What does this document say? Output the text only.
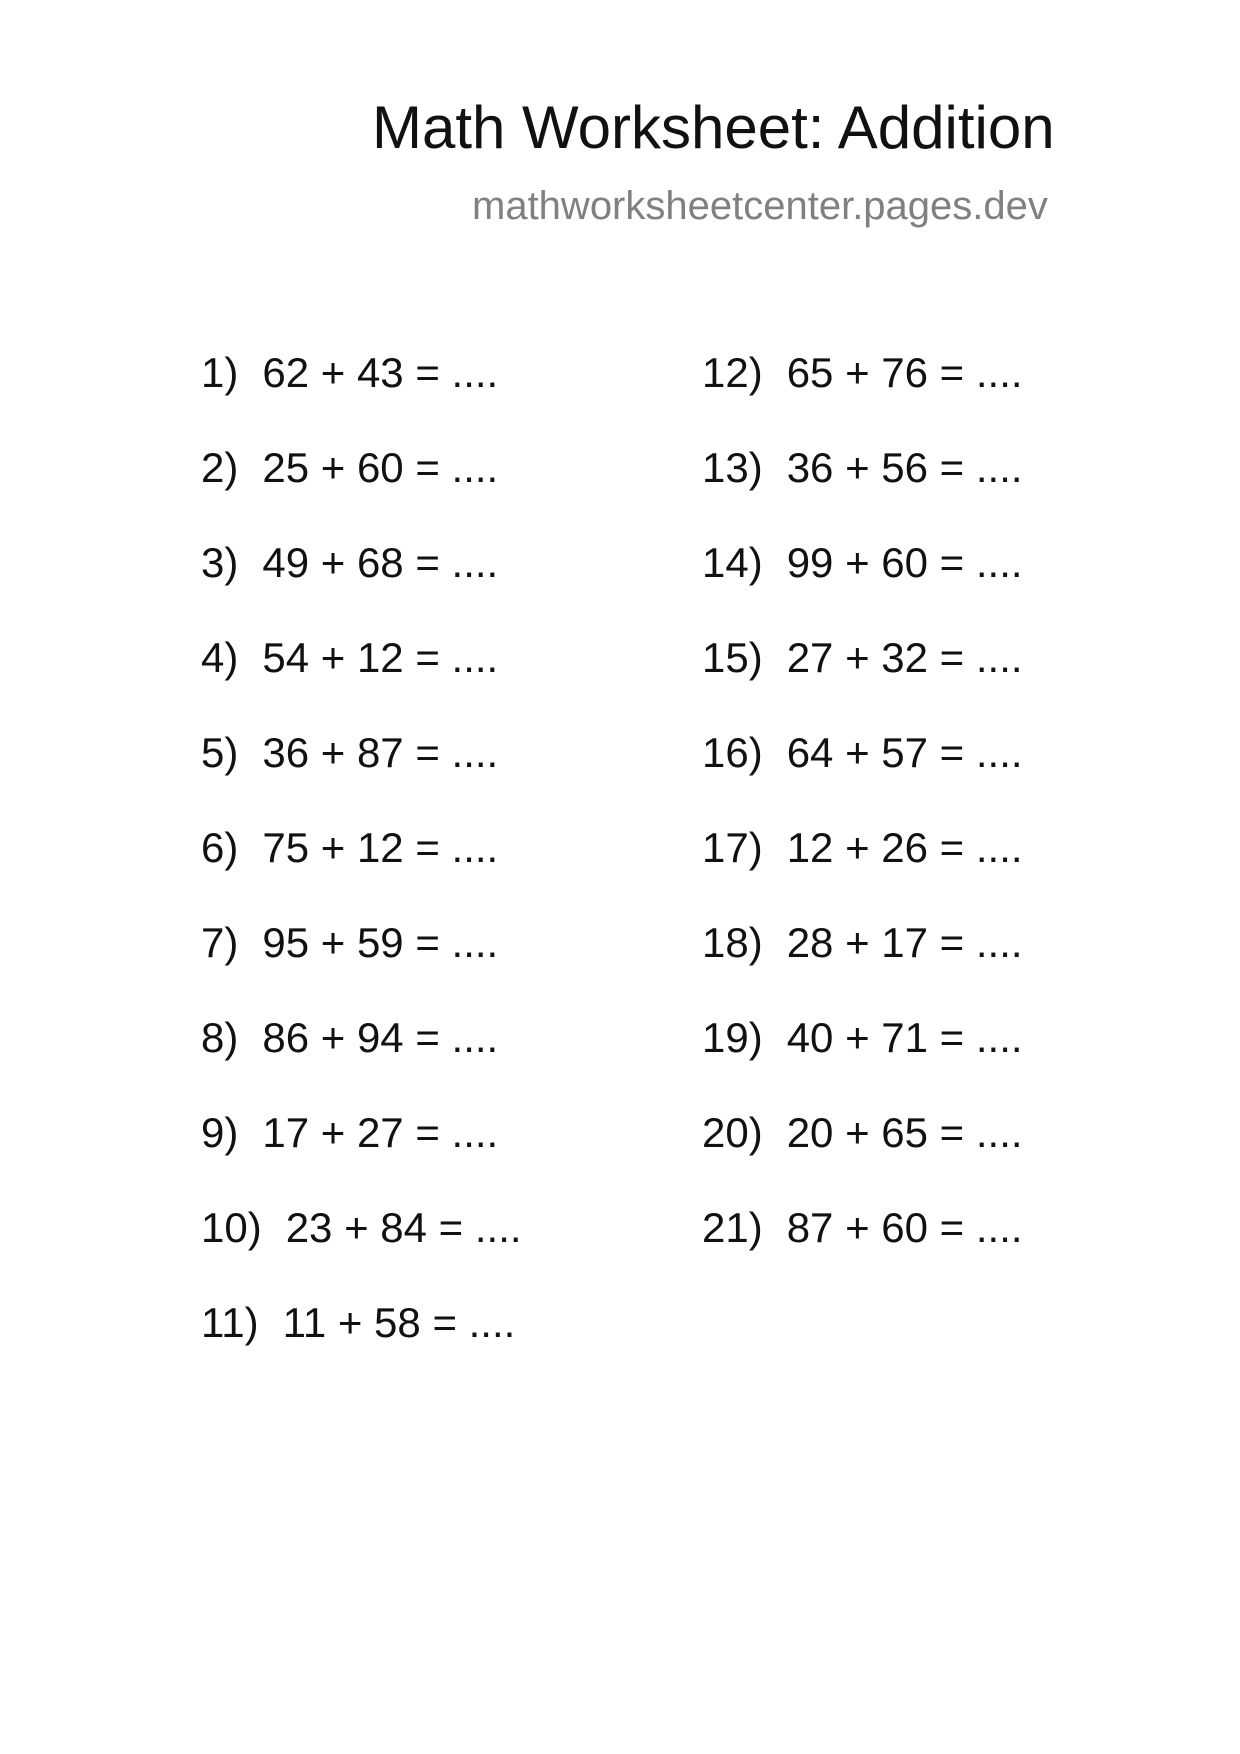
Math Worksheet: Addition
mathworksheetcenter.pages.dev
1) 62 + 43 = ....
2) 25 + 60 = ....
3) 49 + 68 = ....
4) 54 + 12 = ....
5) 36 + 87 = ....
6) 75 + 12 = ....
7) 95 + 59 = ....
8) 86 + 94 = ....
9) 17 + 27 = ....
10) 23 + 84 = ....
11) 11 + 58 = ....
12) 65 + 76 = ....
13) 36 + 56 = ....
14) 99 + 60 = ....
15) 27 + 32 = ....
16) 64 + 57 = ....
17) 12 + 26 = ....
18) 28 + 17 = ....
19) 40 + 71 = ....
20) 20 + 65 = ....
21) 87 + 60 = ....
